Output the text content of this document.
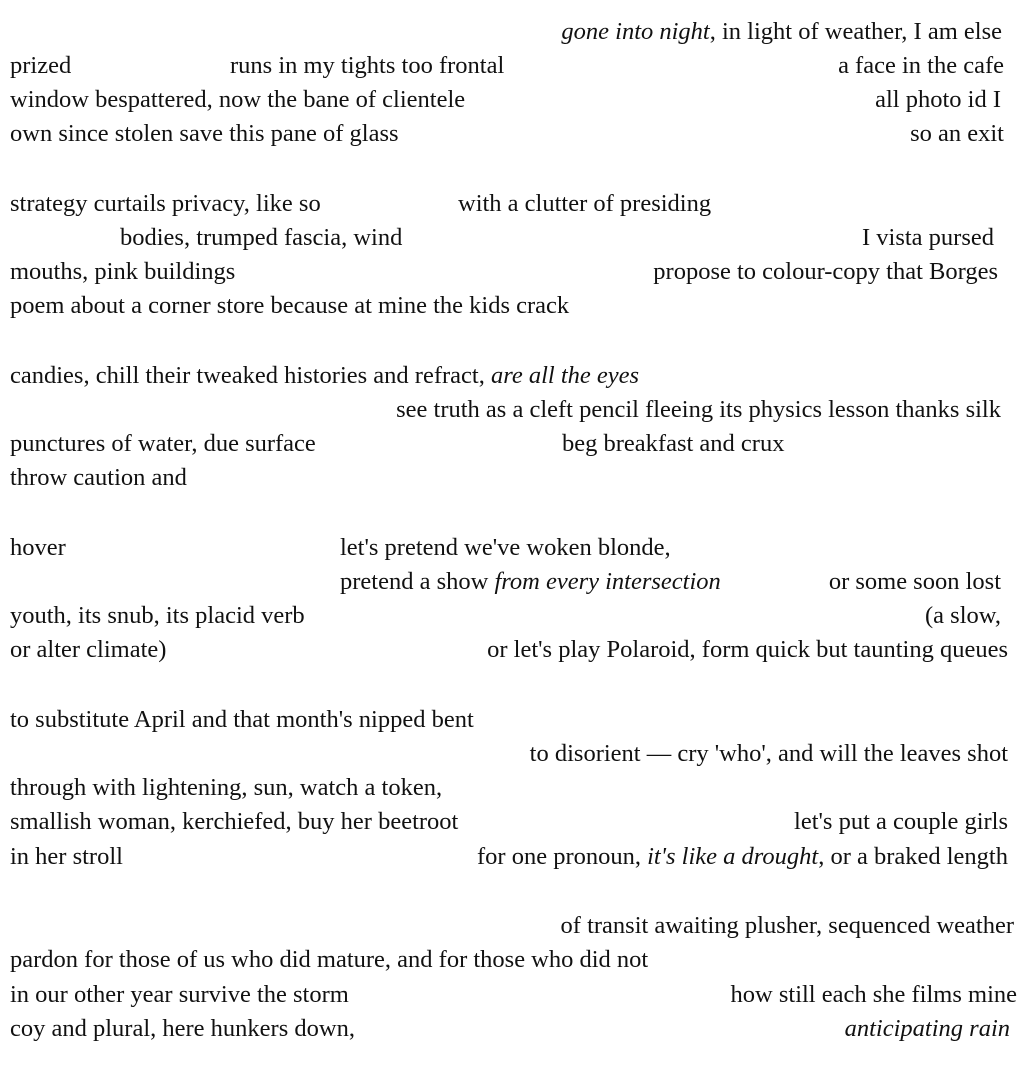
gone into night, in light of weather, I am else
prized	runs in my tights too frontal	a face in the cafe
window bespattered, now the bane of clientele	all photo id I
own since stolen save this pane of glass	so an exit
strategy curtails privacy, like so	with a clutter of presiding
bodies, trumped fascia, wind	I vista pursed
mouths, pink buildings	propose to colour-copy that Borges
poem about a corner store because at mine the kids crack
candies, chill their tweaked histories and refract, are all the eyes
see truth as a cleft pencil fleeing its physics lesson thanks silk
punctures of water, due surface	beg breakfast and crux
throw caution and
hover	let's pretend we've woken blonde,
pretend a show from every intersection	or some soon lost
youth, its snub, its placid verb	(a slow,
or alter climate)	or let's play Polaroid, form quick but taunting queues
to substitute April and that month's nipped bent
to disorient — cry 'who', and will the leaves shot
through with lightening, sun, watch a token,
smallish woman, kerchiefed, buy her beetroot	let's put a couple girls
in her stroll	for one pronoun, it's like a drought, or a braked length
of transit awaiting plusher, sequenced weather
pardon for those of us who did mature, and for those who did not
in our other year survive the storm	how still each she films mine
coy and plural, here hunkers down,	anticipating rain
